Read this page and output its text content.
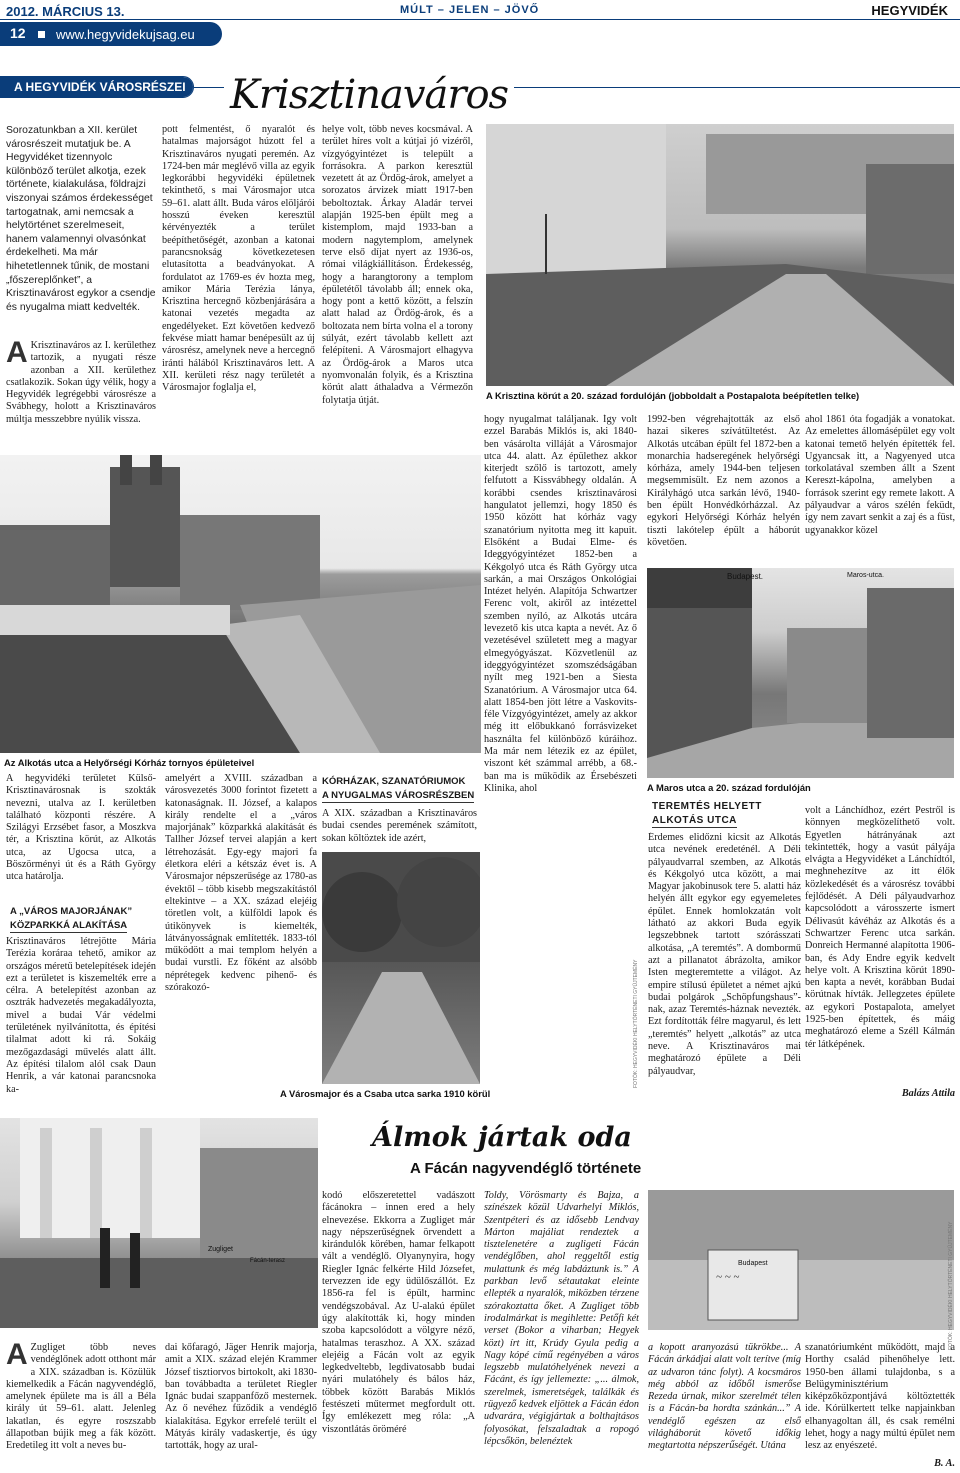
2012. MÁRCIUS 13.	MÚLT – JELEN – JÖVŐ	HEGYVIDÉK
12 www.hegyvidekujsag.eu
A HEGYVIDÉK VÁROSRÉSZEI Krisztinaváros
Sorozatunkban a XII. kerület városrészeit mutatjuk be. A Hegyvidéket tizennyolc különböző terület alkotja, ezek története, kialakulása, földrajzi viszonyai számos érdekességet tartogatnak, ami nemcsak a helytörténet szerelmeseit, hanem valamennyi olvasónkat érdekelheti. Ma már hihetetlennek tűnik, de mostani „főszereplőnket”, a Krisztinavárost egykor a csendje és nyugalma miatt kedvelték.
A Krisztinaváros az I. kerülethez tartozik, a nyugati része azonban a XII. kerülethez csatlakozik. Sokan úgy vélik, hogy a Hegyvidék legrégebbi városrésze a Svábhegy, holott a Krisztinaváros múltja messzebbre nyúlik vissza.
pott felmentést, ő nyaralót és hatalmas majorságot húzott fel a Krisztinaváros nyugati peremén. Az 1724-ben már meglévő villa az egyik legkorábbi hegyvidéki épületnek tekinthető, s mai Városmajor utca 59–61. alatt állt. Buda város elöljárói hosszú éveken keresztül kérvényezték a terület beépíthetőségét, azonban a katonai parancsnokság következetesen elutasította a beadványokat. A fordulatot az 1769-es év hozta meg, amikor Mária Terézia lánya, Krisztina hercegnő közbenjárására a katonai vezetés megadta az engedélyeket. Ezt követően kedvező fekvése miatt hamar benépesült az új városrész, amelynek neve a hercegnő iránti hálából Krisztinaváros lett. A XII. kerületi rész nagy területét a Városmajor foglalja el,
helye volt, több neves kocsmával. A terület híres volt a kútjai jó vizéről, vízgyógyintézet is települt a forrásokra. A parkon keresztül vezetett át az Ördög-árok, amelyet a sorozatos árvizek miatt 1917-ben beboltoztak. Árkay Aladár tervei alapján 1925-ben épült meg a kistemplom, majd 1933-ban a modern nagytemplom, amelynek terve első díjat nyert az 1936-os, római világkiállításon. Érdekesség, hogy a harangtorony a templom épületétől távolabb áll; ennek oka, hogy pont a kettő között, a felszín alatt halad az Ördög-árok, és a boltozata nem bírta volna el a torony súlyát, ezért távolabb kellett azt felépíteni. A Városmajort elhagyva az Ördög-árok a Maros utca nyomvonalán folyik, és a Krisztina körút alatt áthaladva a Vérmezőn folytatja útját.
Az Alkotás utca a Helyőrségi Kórház tornyos épületeivel
A Krisztina körút a 20. század fordulóján (jobboldalt a Postapalota beépítetlen telke)
hogy nyugalmat találjanak. Így volt ezzel Barabás Miklós is, aki 1840-ben vásárolta villáját a Városmajor utca 44. alatt. Az épülethez akkor kiterjedt szőlő is tartozott, amely felfutott a Kissvábhegy oldalán. A korábbi csendes krisztinavárosi hangulatot jellemzi, hogy 1850 és 1950 között hat kórház vagy szanatórium nyitotta meg itt kapuit. Elsőként a Budai Elme- és Ideggyógyintézet 1852-ben a Kékgolyó utca és Ráth György utca sarkán, a mai Országos Onkológiai Intézet helyén. Alapítója Schwartzer Ferenc volt, akiről az intézettel szemben nyíló, az Alkotás utcára levezető kis utca kapta a nevét. Az ő vezetésével született meg a magyar elmegyógyászat. Közvetlenül az ideggyógyintézet szomszédságában nyílt meg 1921-ben a Siesta Szanatórium. A Városmajor utca 64. alatt 1854-ben jött létre a Vaskovits-féle Vízgyógyintézet, amely az akkor még itt előbukkanó forrásvizeket használta fel különböző kúráihoz. Ma már nem létezik ez az épület, viszont két számmal arrébb, a 68.-ban ma is működik az Érsebészeti Klinika, ahol
1992-ben végrehajtották az első hazai sikeres szívátültetést. Az Alkotás utcában épült fel 1872-ben a monarchia hadseregének helyőrségi kórháza, amely 1944-ben teljesen megsemmisült. Ez nem azonos a Királyhágó utca sarkán lévő, 1940-ben épült Honvédkórházzal. Az egykori Helyőrségi Kórház helyén tiszti lakótelep épült a háborút követően.
ahol 1861 óta fogadják a vonatokat. Az emelettes állomásépület egy volt katonai temető helyén építették fel. Ugyancsak itt, a Nagyenyed utca torkolatával szemben állt a Szent Kereszt-kápolna, amelyben a források szerint egy remete lakott. A pályaudvar a város szélén feküdt, így nem zavart senkit a zaj és a füst, ugyanakkor közel
Budapest.	Maros-utca.
A Maros utca a 20. század fordulóján
TEREMTÉS HELYETT
ALKOTÁS UTCA
Érdemes elidőzni kicsit az Alkotás utca nevének eredeténél. A Déli pályaudvarral szemben, az Alkotás és Kékgolyó utca között, a mai Magyar jakobinusok tere 5. alatti ház helyén állt egykor egy egyemeletes épület. Ennek homlokzatán volt látható az akkori Buda egyik legszebbnek tartott szórásszati alkotása, „A teremtés”. A dombormű azt a pillanatot ábrázolta, amikor Isten megteremtette a világot. Az empire stílusú épületet a német ajkú budai polgárok „Schöpfungshaus”-nak, azaz Teremtés-háznak nevezték. Ezt fordították félre magyarul, és lett „teremtés” helyett „alkotás” az utca neve. A Krisztinaváros mai meghatározó épülete a Déli pályaudvar,
volt a Lánchídhoz, ezért Pestről is könnyen megközelíthető volt. Egyetlen hátrányának azt tekintették, hogy a vasút pályája elvágta a Hegyvidéket a Lánchídtól, meghnehezítve az itt élők közlekedését és a városrész további fejlődését. A Déli pályaudvarhoz kapcsolódott a városszerte ismert Délivasút kávéház az Alkotás és a Schwartzer Ferenc utca sarkán. Donreich Hermanné alapította 1906-ban, és Ady Endre egyik kedvelt helye volt. A Krisztina körút 1890-ben kapta a nevét, korábban Budai körútnak hívták. Jellegzetes épülete az egykori Postapalota, amelyet 1925-ben építettek, és máig meghatározó eleme a Széll Kálmán tér látképének.
Balázs Attila
A hegyvidéki területet Külső-Krisztinavárosnak is szokták nevezni, utalva az I. kerületben található központi részére. A Szilágyi Erzsébet fasor, a Moszkva tér, a Krisztina körút, az Alkotás utca, az Ugocsa utca, a Böszörményi út és a Ráth György utca határolja.
A „VÁROS MAJORJÁNAK”
KÖZPARKKÁ ALAKÍTÁSA
Krisztinaváros létrejötte Mária Terézia koráraa tehető, amikor az országos méretű betelepítések idején ezt a területet is kiszemelték erre a célra. A betelepítést azonban az osztrák hadvezetés megakadályozta, mivel a budai Vár védelmi területének nyilvánította, és építési tilalmat adott ki rá. Sokáig mezőgazdasági művelés alatt állt. Az építési tilalom alól csak Daun Henrik, a vár katonai parancsnoka ka-
amelyért a XVIII. században a városvezetés 3000 forintot fizetett a katonaságnak. II. József, a kalapos király rendelte el a „város majorjának” közparkká alakítását és Tallher József tervei alapján a kert létrehozását. Egy-egy majori fa életkora eléri a kétszáz évet is. A Városmajor népszerűsége az 1780-as évektől – több kisebb megszakítástól eltekintve – a XX. század elejéig töretlen volt, a külföldi lapok és útikönyvek is kiemelték, látványosságnak említették. 1833-tól működött a mai templom helyén a budai vurstli. Ez főként az alsóbb néprétegek kedvenc pihenő- és szórakozó-
KÓRHÁZAK, SZANATÓRIUMOK
A NYUGALMAS VÁROSRÉSZBEN
A XIX. században a Krisztinaváros budai csendes peremének számított, sokan költöztek ide azért,
FOTÓK: HEGYVIDÉKI HELYTÖRTÉNETI GYŰJTEMÉNY
A Városmajor és a Csaba utca sarka 1910 körül
Álmok jártak oda
A Fácán nagyvendéglő története
Zugliget
Fácán-terasz
~ ~ ~
Budapest	FOTÓK: HEGYVIDÉKI HELYTÖRTÉNETI GYŰJTEMÉNY
A Zugliget több neves vendéglőnek adott otthont már a XIX. században is. Közülük kiemelkedik a Fácán nagyvendéglő, amelynek épülete ma is áll a Béla király út 59–61. alatt. Jelenleg lakatlan, és egyre roszszabb állapotban bújik meg a fák között. Eredetileg itt volt a neves bu-
dai kőfaragó, Jäger Henrik majorja, amit a XIX. század elején Krammer József tisztiorvos birtokolt, aki 1830-ban továbbadta a területet Riegler Ignác budai szappanfőző mesternek. Az ő nevéhez fűződik a vendéglő kialakítása. Egykor errefelé terült el Mátyás király vadaskertje, és úgy tartották, hogy az ural-
kodó előszeretettel vadászott fácánokra – innen ered a hely elnevezése. Ekkorra a Zugliget már nagy népszerűségnek örvendett a kirándulók körében, hamar felkapott vált a vendéglő. Olyanynyira, hogy Riegler Ignác felkérte Hild Józsefet, tervezzen ide egy üdülőszállót. Ez 1856-ra fel is épült, harminc vendégszobával. Az U-alakú épület úgy alakították ki, hogy minden szoba kapcsolódott a völgyre néző, hatalmas teraszhoz. A XX. század elejéig a Fácán volt az egyik legkedveltebb, legdivatosabb budai nyári mulatóhely és bálos ház, többek között Barabás Miklós festészeti műtermet megfordult ott. Így emlékezett meg róla: „A viszontlátás öröméré
Toldy, Vörösmarty és Bajza, a színészek közül Udvarhelyi Miklós, Szentpéteri és az idősebb Lendvay Márton majáliat rendeztek a tisztelenetére a zugligeti Fácán vendéglőben, ahol reggeltől estig mulattunk és még labdáztunk is.” A parkban levő sétautakat eleinte ellepték a nyaralók, miközben térzene szórakoztatta őket. A Zugliget több irodalmárkat is megihlette: Petőfi két verset (Bokor a viharban; Hegyek közt) írt itt, Krúdy Gyula pedig a Nagy kópé című regényében a város legszebb mulatóhelyének nevezi a Fácánt, és így jellemezte: „... álmok, szerelmek, ismeretségek, találkák és rügyező kedvek eljöttek a Fácán édon udvarára, végigjártak a bolthajtásos folyosókat, felszaladtak a ropogó lépcsőkön, belenéztek
a kopott aranyozású tükrökbe... A Fácán árkádjai alatt volt terítve (míg az udvaron tánc folyt). A kocsmáros még abból az időből ismerőse Rezeda úrnak, mikor szerelmét télen is a Fácán-ba hordta szánkán...” A vendéglő egészen az első világháborút követő időkig megtartotta népszerűségét. Utána
szanatóriumként működött, majd a Horthy család pihenőhelye lett. 1950-ben állami tulajdonba, s a Belügyminisztérium kiképzőközpontjává költöztették ide. Kórülkertett telke napjainkban elhanyagoltan áll, és csak remélni lehet, hogy a nagy múltú épület nem lesz az enyészeté.
B. A.
